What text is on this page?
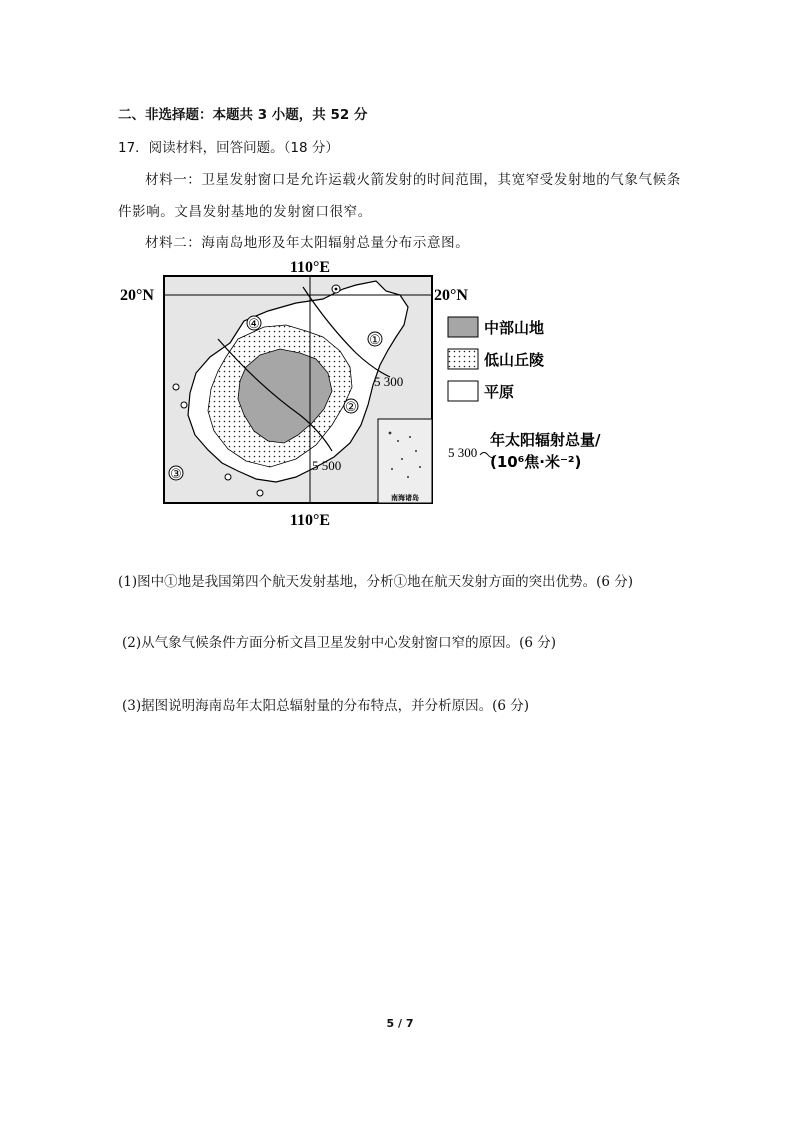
二、非选择题：本题共 3 小题，共 52 分
17．阅读材料，回答问题。（18 分）
材料一：卫星发射窗口是允许运载火箭发射的时间范围，其宽窄受发射地的气象气候条
件影响。文昌发射基地的发射窗口很窄。
材料二：海南岛地形及年太阳辐射总量分布示意图。
南海诸岛
110°E
110°E
20°N	20°N
①
②
③
④
5 300
5 500
中部山地
低山丘陵
平原
5 300
年太阳辐射总量/
(10⁶焦·米⁻²)
(1)图中①地是我国第四个航天发射基地，分析①地在航天发射方面的突出优势。(6 分)
(2)从气象气候条件方面分析文昌卫星发射中心发射窗口窄的原因。(6 分)
(3)据图说明海南岛年太阳总辐射量的分布特点，并分析原因。(6 分)
5 / 7
